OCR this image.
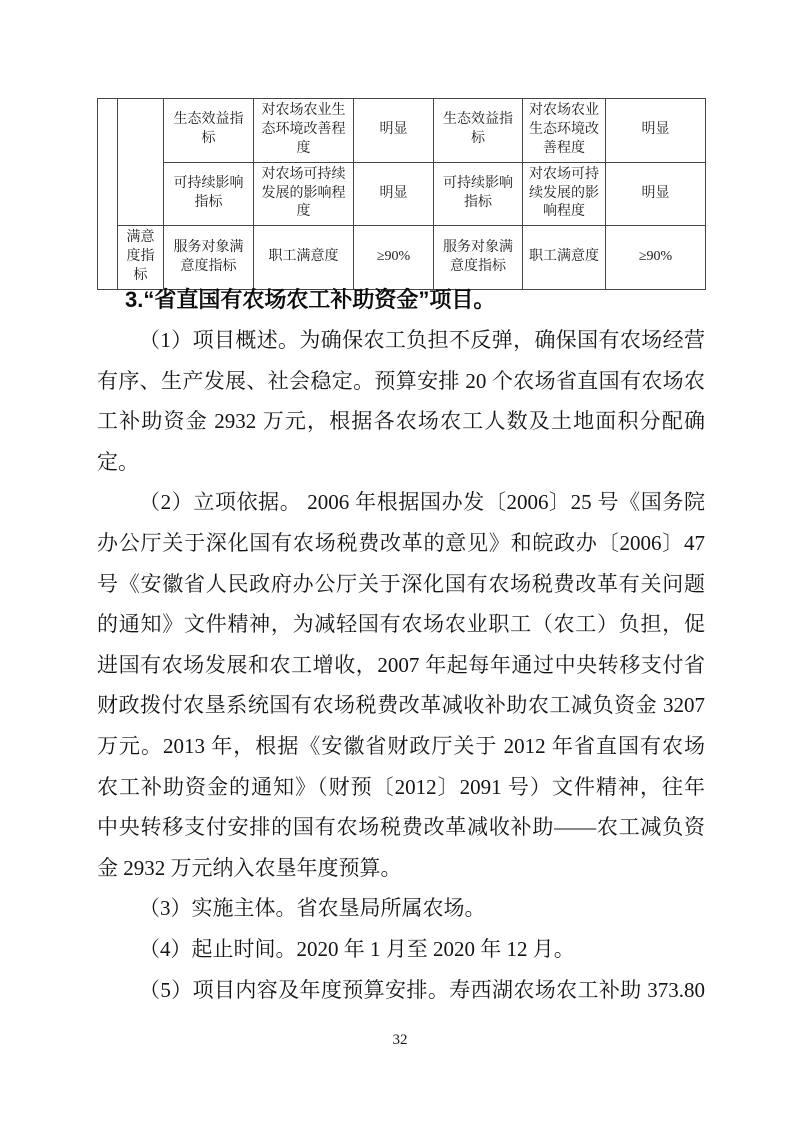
		生态效益指标	对农场农业生态环境改善程度	明显	生态效益指标	对农场农业生态环境改善程度	明显
		可持续影响指标	对农场可持续发展的影响程度	明显	可持续影响指标	对农场可持续发展的影响程度	明显
	满意度指标	服务对象满意度指标	职工满意度	≥90%	服务对象满意度指标	职工满意度	≥90%
3.“省直国有农场农工补助资金”项目。
（1）项目概述。为确保农工负担不反弹，确保国有农场经营
有序、生产发展、社会稳定。预算安排 20 个农场省直国有农场农
工补助资金 2932 万元，根据各农场农工人数及土地面积分配确
定。
（2）立项依据。 2006 年根据国办发〔2006〕25 号《国务院
办公厅关于深化国有农场税费改革的意见》和皖政办〔2006〕47
号《安徽省人民政府办公厅关于深化国有农场税费改革有关问题
的通知》文件精神，为减轻国有农场农业职工（农工）负担，促
进国有农场发展和农工增收，2007 年起每年通过中央转移支付省
财政拨付农垦系统国有农场税费改革减收补助农工减负资金 3207
万元。2013 年，根据《安徽省财政厅关于 2012 年省直国有农场
农工补助资金的通知》（财预〔2012〕2091 号）文件精神，往年
中央转移支付安排的国有农场税费改革减收补助——农工减负资
金 2932 万元纳入农垦年度预算。
（3）实施主体。省农垦局所属农场。
（4）起止时间。2020 年 1 月至 2020 年 12 月。
（5）项目内容及年度预算安排。寿西湖农场农工补助 373.80
32
